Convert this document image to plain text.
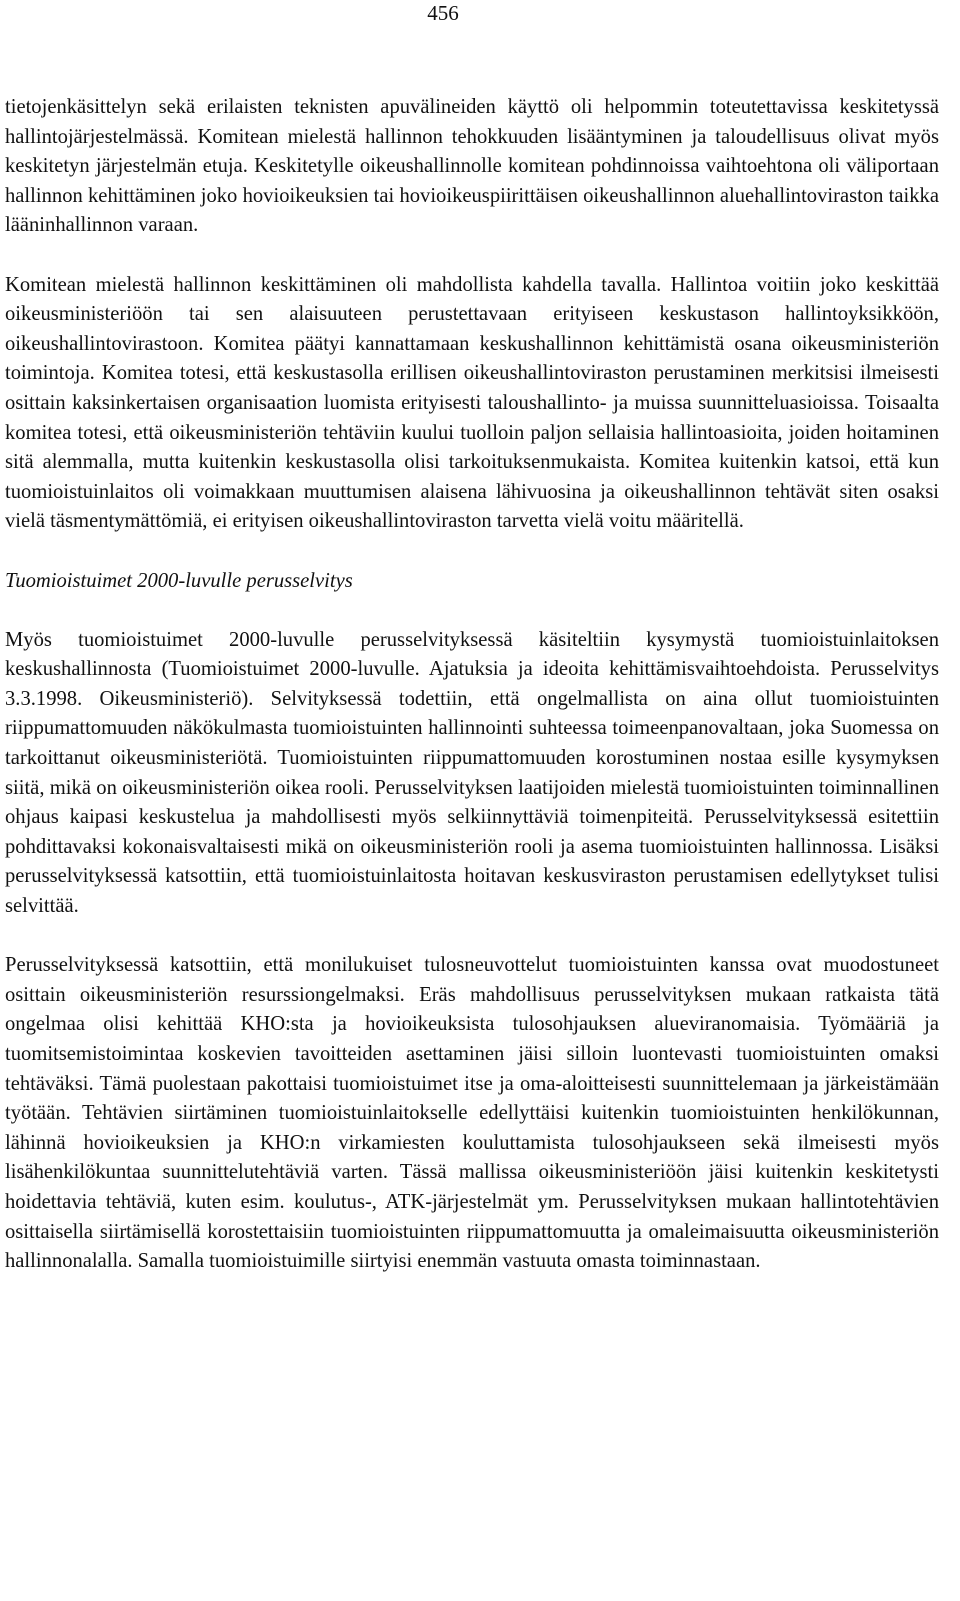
456

tietojenkäsittelyn sekä erilaisten teknisten apuvälineiden käyttö oli helpommin toteutettavissa keskitetyssä hallintojärjestelmässä. Komitean mielestä hallinnon tehokkuuden lisääntyminen ja taloudellisuus olivat myös keskitetyn järjestelmän etuja. Keskitetylle oikeushallinnolle komitean pohdinnoissa vaihtoehtona oli väliportaan hallinnon kehittäminen joko hovioikeuksien tai hovioikeuspiirittäisen oikeushallinnon aluehallintoviraston taikka lääninhallinnon varaan.

Komitean mielestä hallinnon keskittäminen oli mahdollista kahdella tavalla. Hallintoa voitiin joko keskittää oikeusministeriöön tai sen alaisuuteen perustettavaan erityiseen keskustason hallintoyksikköön, oikeushallintovirastoon. Komitea päätyi kannattamaan keskushallinnon kehittämistä osana oikeusministeriön toimintoja. Komitea totesi, että keskustasolla erillisen oikeushallintoviraston perustaminen merkitsisi ilmeisesti osittain kaksinkertaisen organisaation luomista erityisesti taloushallinto- ja muissa suunnitteluasioissa. Toisaalta komitea totesi, että oikeusministeriön tehtäviin kuului tuolloin paljon sellaisia hallintoasioita, joiden hoitaminen sitä alemmalla, mutta kuitenkin keskustasolla olisi tarkoituksenmukaista. Komitea kuitenkin katsoi, että kun tuomioistuinlaitos oli voimakkaan muuttumisen alaisena lähivuosina ja oikeushallinnon tehtävät siten osaksi vielä täsmentymättömiä, ei erityisen oikeushallintoviraston tarvetta vielä voitu määritellä.

Tuomioistuimet 2000-luvulle perusselvitys

Myös tuomioistuimet 2000-luvulle perusselvityksessä käsiteltiin kysymystä tuomioistuinlaitoksen keskushallinnosta (Tuomioistuimet 2000-luvulle. Ajatuksia ja ideoita kehittämisvaihtoehdoista. Perusselvitys 3.3.1998. Oikeusministeriö). Selvityksessä todettiin, että ongelmallista on aina ollut tuomioistuinten riippumattomuuden näkökulmasta tuomioistuinten hallinnointi suhteessa toimeenpanovaltaan, joka Suomessa on tarkoittanut oikeusministeriötä. Tuomioistuinten riippumattomuuden korostuminen nostaa esille kysymyksen siitä, mikä on oikeusministeriön oikea rooli. Perusselvityksen laatijoiden mielestä tuomioistuinten toiminnallinen ohjaus kaipasi keskustelua ja mahdollisesti myös selkiinnyttäviä toimenpiteitä. Perusselvityksessä esitettiin pohdittavaksi kokonaisvaltaisesti mikä on oikeusministeriön rooli ja asema tuomioistuinten hallinnossa. Lisäksi perusselvityksessä katsottiin, että tuomioistuinlaitosta hoitavan keskusviraston perustamisen edellytykset tulisi selvittää.

Perusselvityksessä katsottiin, että monilukuiset tulosneuvottelut tuomioistuinten kanssa ovat muodostuneet osittain oikeusministeriön resurssiongelmaksi. Eräs mahdollisuus perusselvityksen mukaan ratkaista tätä ongelmaa olisi kehittää KHO:sta ja hovioikeuksista tulosohjauksen alueviranomaisia. Työmääriä ja tuomitsemistoimintaa koskevien tavoitteiden asettaminen jäisi silloin luontevasti tuomioistuinten omaksi tehtäväksi. Tämä puolestaan pakottaisi tuomioistuimet itse ja oma-aloitteisesti suunnittelemaan ja järkeistämään työtään. Tehtävien siirtäminen tuomioistuinlaitokselle edellyttäisi kuitenkin tuomioistuinten henkilökunnan, lähinnä hovioikeuksien ja KHO:n virkamiesten kouluttamista tulosohjaukseen sekä ilmeisesti myös lisähenkilökuntaa suunnittelutehtäviä varten. Tässä mallissa oikeusministeriöön jäisi kuitenkin keskitetysti hoidettavia tehtäviä, kuten esim. koulutus-, ATK-järjestelmät ym. Perusselvityksen mukaan hallintotehtävien osittaisella siirtämisellä korostettaisiin tuomioistuinten riippumattomuutta ja omaleimaisuutta oikeusministeriön hallinnonalalla. Samalla tuomioistuimille siirtyisi enemmän vastuuta omasta toiminnastaan.
